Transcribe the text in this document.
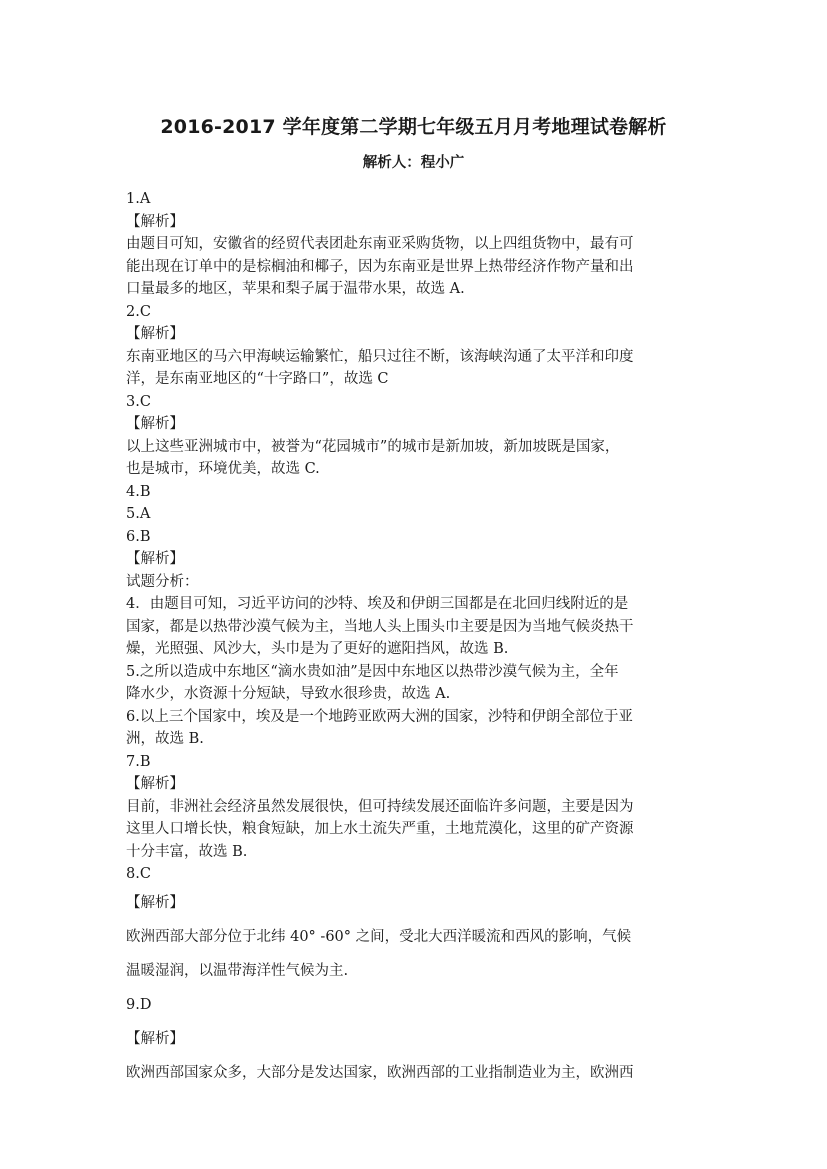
2016-2017 学年度第二学期七年级五月月考地理试卷解析
解析人：程小广
1.A
【解析】
由题目可知，安徽省的经贸代表团赴东南亚采购货物，以上四组货物中，最有可
能出现在订单中的是棕榈油和椰子，因为东南亚是世界上热带经济作物产量和出
口量最多的地区，苹果和梨子属于温带水果，故选 A.
2.C
【解析】
东南亚地区的马六甲海峡运输繁忙，船只过往不断，该海峡沟通了太平洋和印度
洋，是东南亚地区的“十字路口”，故选 C
3.C
【解析】
以上这些亚洲城市中，被誉为“花园城市”的城市是新加坡，新加坡既是国家，
也是城市，环境优美，故选 C.
4.B
5.A
6.B
【解析】
试题分析：
4．由题目可知，习近平访问的沙特、埃及和伊朗三国都是在北回归线附近的是
国家，都是以热带沙漠气候为主，当地人头上围头巾主要是因为当地气候炎热干
燥，光照强、风沙大，头巾是为了更好的遮阳挡风，故选 B.
5.之所以造成中东地区“滴水贵如油”是因中东地区以热带沙漠气候为主，全年
降水少，水资源十分短缺，导致水很珍贵，故选 A.
6.以上三个国家中，埃及是一个地跨亚欧两大洲的国家，沙特和伊朗全部位于亚
洲，故选 B.
7.B
【解析】
目前，非洲社会经济虽然发展很快，但可持续发展还面临许多问题，主要是因为
这里人口增长快，粮食短缺，加上水土流失严重，土地荒漠化，这里的矿产资源
十分丰富，故选 B.
8.C
【解析】
欧洲西部大部分位于北纬 40° -60° 之间，受北大西洋暖流和西风的影响，气候
温暖湿润，以温带海洋性气候为主.
9.D
【解析】
欧洲西部国家众多，大部分是发达国家，欧洲西部的工业指制造业为主，欧洲西
